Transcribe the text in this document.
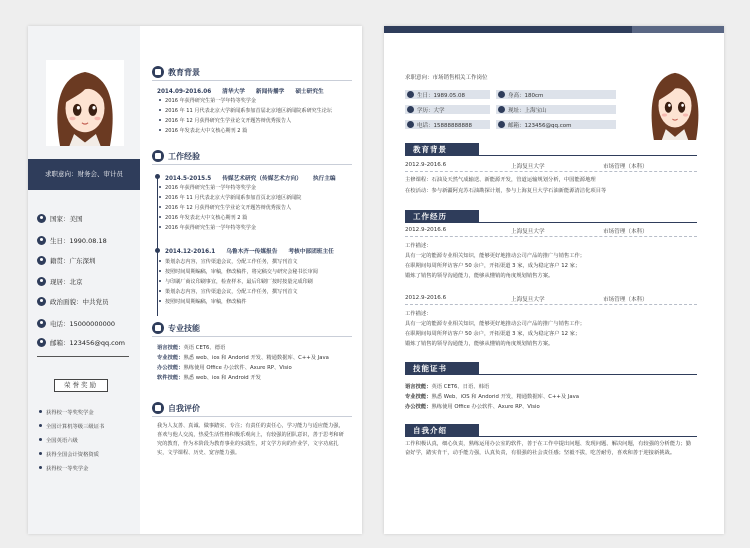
求职意向：财务会、审计员
国家：美国
生日：1990.08.18
籍贯：广东深圳
现居：北京
政治面貌：中共党员
电话：15000000000
邮箱：123456@qq.com
荣誉奖励
获得校一等奖奖学金
全国计算机等级三级证书
全国英语六级
获得全国会计资格资质
获得校一等奖学金
教育背景
2014.09-2016.06 清华大学 新闻传播学 硕士研究生
2016 年获得研究生第一学年特等奖学金
2016 年 11 月代表北京大学新闻系参加首届北京地区新闻院系研究生论坛
2016 年 12 月获得研究生学业论文开题答辩优秀报告人
2016 年发表北大中文核心期刊 2 篇
工作经验
2014.5-2015.5 传媒艺术研究（传媒艺术方向） 执行主编
2016 年获得研究生第一学年特等奖学金
2016 年 11 月代表北京大学新闻系参加首页北京地区新闻院
2016 年 12 月获得研究生学业论文开题答辩优秀报告人
2016 年发表北大中文核心期刊 2 篇
2016 年获得研究生第一学年特等奖学金
2014.12-2016.1 乌鲁木齐一传媒报告 考核中部团班主任
策划杂志内容，宣传渠道会议，分配工作任务，撰写刊首文
按照时间周期编稿，审稿，修改稿件，将完稿交与研究会秘书长审阅
与印刷厂商议印刷事宜，检查样本，最后印刷厂按时按量完成印刷
策划杂志内容，宣传渠道会议，分配工作任务，撰写刊首文
按照时间周期编稿，审稿，修改稿件
专业技能
语言技能：英语 CET6、德语
专业技能：熟悉 web、ios 和 Andorid 开发、精通数据库、C++及 Java
办公技能：熟练使用 Office 办公软件、Axure RP、Visio
软件技能：熟悉 web、ios 和 Android 开发
自我评价
我为人友善、真诚、做事踏实、专注；有责任的责任心，学习能力与适应能力强，喜欢与他人交流，热爱生活性格积极乐观向上，有较强的团队意识，善于思考和研究的教育，作为本阶段为教育事业的实践生，对文学方向的作业学，文字功底扎实，文学课程、历史、宽容能力强。
求职意向：市场销售相关工作岗位
生日：1989.05.08	身高：180cm
学历：大学	现址：上海宝山
电话：15888888888	邮箱：123456@qq.com
教育背景
2012.9-2016.6	上海复旦大学	市场管理（本科）
主修课程：石油及天然气成输送、新能源开发，管道运输规划分析，中国能源地理
在校活动：参与新疆阿克苏石油勘探计划，参与上海复旦大学石油新能源清洁化项目等
工作经历
2012.9-2016.6	上海复旦大学	市场管理（本科）
工作描述：
具有一定的能源专业相关知识，能够更好地推动公司产品的推广与销售工作；
在职期间每周所拜访客户 50 余户，开拓渠道 3 家，成为稳定客户 12 家；
锻炼了销售的领导沟通能力，能够从懂销的角度规划销售方案。
2012.9-2016.6	上海复旦大学	市场管理（本科）
工作描述：
具有一定的能源专业相关知识，能够更好地推动公司产品的推广与销售工作；
在职期间每周所拜访客户 50 余户，开拓渠道 3 家，成为稳定客户 12 家；
锻炼了销售的领导沟通能力，能够从懂销的角度规划销售方案。
技能证书
语言技能：英语 CET6、日语、韩语
专业技能：熟悉 Web、iOS 和 Andorid 开发，精通数据库、C++及 Java
办公技能：熟练使用 Office 办公软件、Axure RP、Visio
自我介绍
工作积极认真，细心负责，熟练运用办公室的软件，善于在工作中提出问题、发现问题、解决问题，有较强的分析能力；勤奋好学，踏实肯干，动手能力强，认真负责，有很强的社会责任感；坚毅不拔，吃苦耐劳，喜欢和善于迎接新挑战。
